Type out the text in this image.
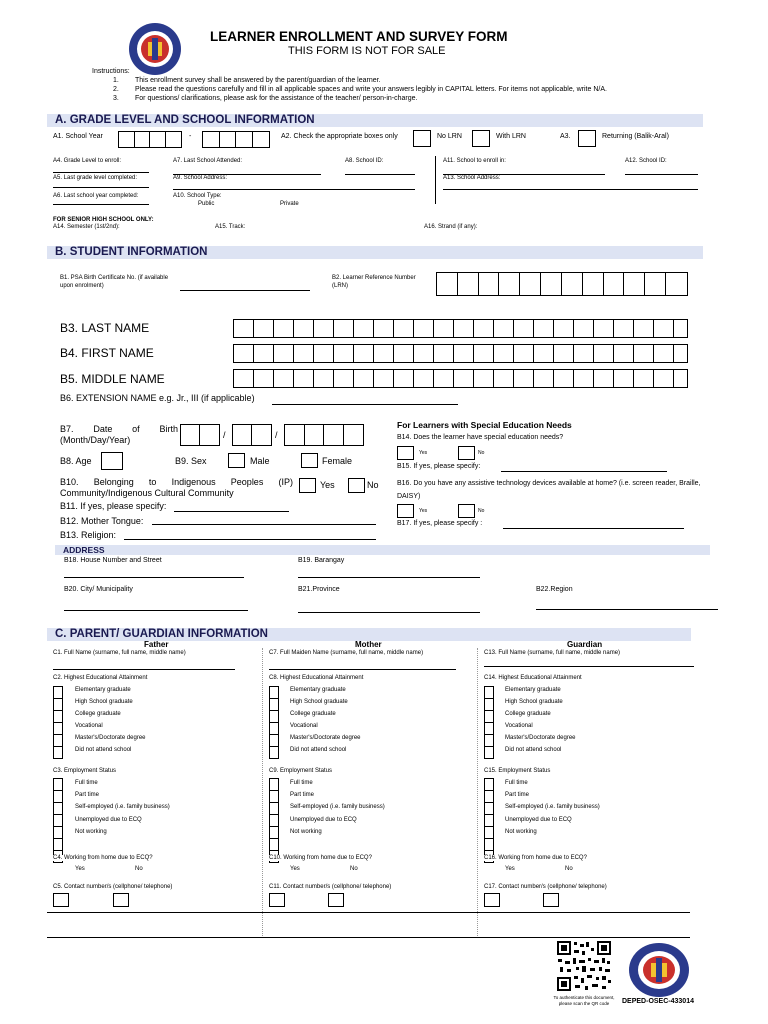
LEARNER ENROLLMENT AND SURVEY FORM
THIS FORM IS NOT FOR SALE
Instructions:
1. This enrollment survey shall be answered by the parent/guardian of the learner.
2. Please read the questions carefully and fill in all applicable spaces and write your answers legibly in CAPITAL letters. For items not applicable, write N/A.
3. For questions/ clarifications, please ask for the assistance of the teacher/ person-in-charge.
A. GRADE LEVEL AND SCHOOL INFORMATION
A1. School Year	-	A2. Check the appropriate boxes only	No LRN	With LRN	A3.	Returning (Balik-Aral)
A4. Grade Level to enroll:	A7. Last School Attended:	A8. School ID:	A11. School to enroll in:	A12. School ID:
A5. Last grade level completed:	A9. School Address:	A13. School Address:
A6. Last school year completed:	A10. School Type:
Public	Private
FOR SENIOR HIGH SCHOOL ONLY:
A14. Semester (1st/2nd):	A15. Track:	A16. Strand (if any):
B. STUDENT INFORMATION
B1. PSA Birth Certificate No. (if available upon enrolment)
B2. Learner Reference Number (LRN)
B3. LAST NAME
B4. FIRST NAME
B5. MIDDLE NAME
B6. EXTENSION NAME e.g. Jr., III (if applicable)
B7. Date of Birth (Month/Day/Year)	/	/
B8. Age	B9. Sex	Male	Female
B10. Belonging to Indigenous Peoples (IP) Community/Indigenous Cultural Community
Yes	No
B11. If yes, please specify:
B12. Mother Tongue:
B13. Religion:
For Learners with Special Education Needs
B14. Does the learner have special education needs?
Yes	No
B15. If yes, please specify:
B16. Do you have any assistive technology devices available at home? (i.e. screen reader, Braille, DAISY)
Yes	No
B17. If yes, please specify :
ADDRESS
B18. House Number and Street	B19. Barangay
B20. City/ Municipality	B21.Province	B22.Region
C. PARENT/ GUARDIAN INFORMATION
Father	Mother	Guardian
C1. Full Name (surname, full name, middle name)
C2. Highest Educational Attainment
Elementary graduate
High School graduate
College graduate
Vocational
Master's/Doctorate degree
Did not attend school
C3. Employment Status
Full time
Part time
Self-employed (i.e. family business)
Unemployed due to ECQ
Not working
C4. Working from home due to ECQ?
Yes	No
C5. Contact number/s (cellphone/ telephone)
C7. Full Maiden Name (surname, full name, middle name)
C8. Highest Educational Attainment
Elementary graduate
High School graduate
College graduate
Vocational
Master's/Doctorate degree
Did not attend school
C9. Employment Status
Full time
Part time
Self-employed (i.e. family business)
Unemployed due to ECQ
Not working
C10. Working from home due to ECQ?
Yes	No
C11. Contact number/s (cellphone/ telephone)
C13. Full Name (surname, full name, middle name)
C14. Highest Educational Attainment
Elementary graduate
High School graduate
College graduate
Vocational
Master's/Doctorate degree
Did not attend school
C15. Employment Status
Full time
Part time
Self-employed (i.e. family business)
Unemployed due to ECQ
Not working
C16. Working from home due to ECQ?
Yes	No
C17. Contact number/s (cellphone/ telephone)
To authenticate this document, please scan the QR code	DEPED-OSEC-433014
